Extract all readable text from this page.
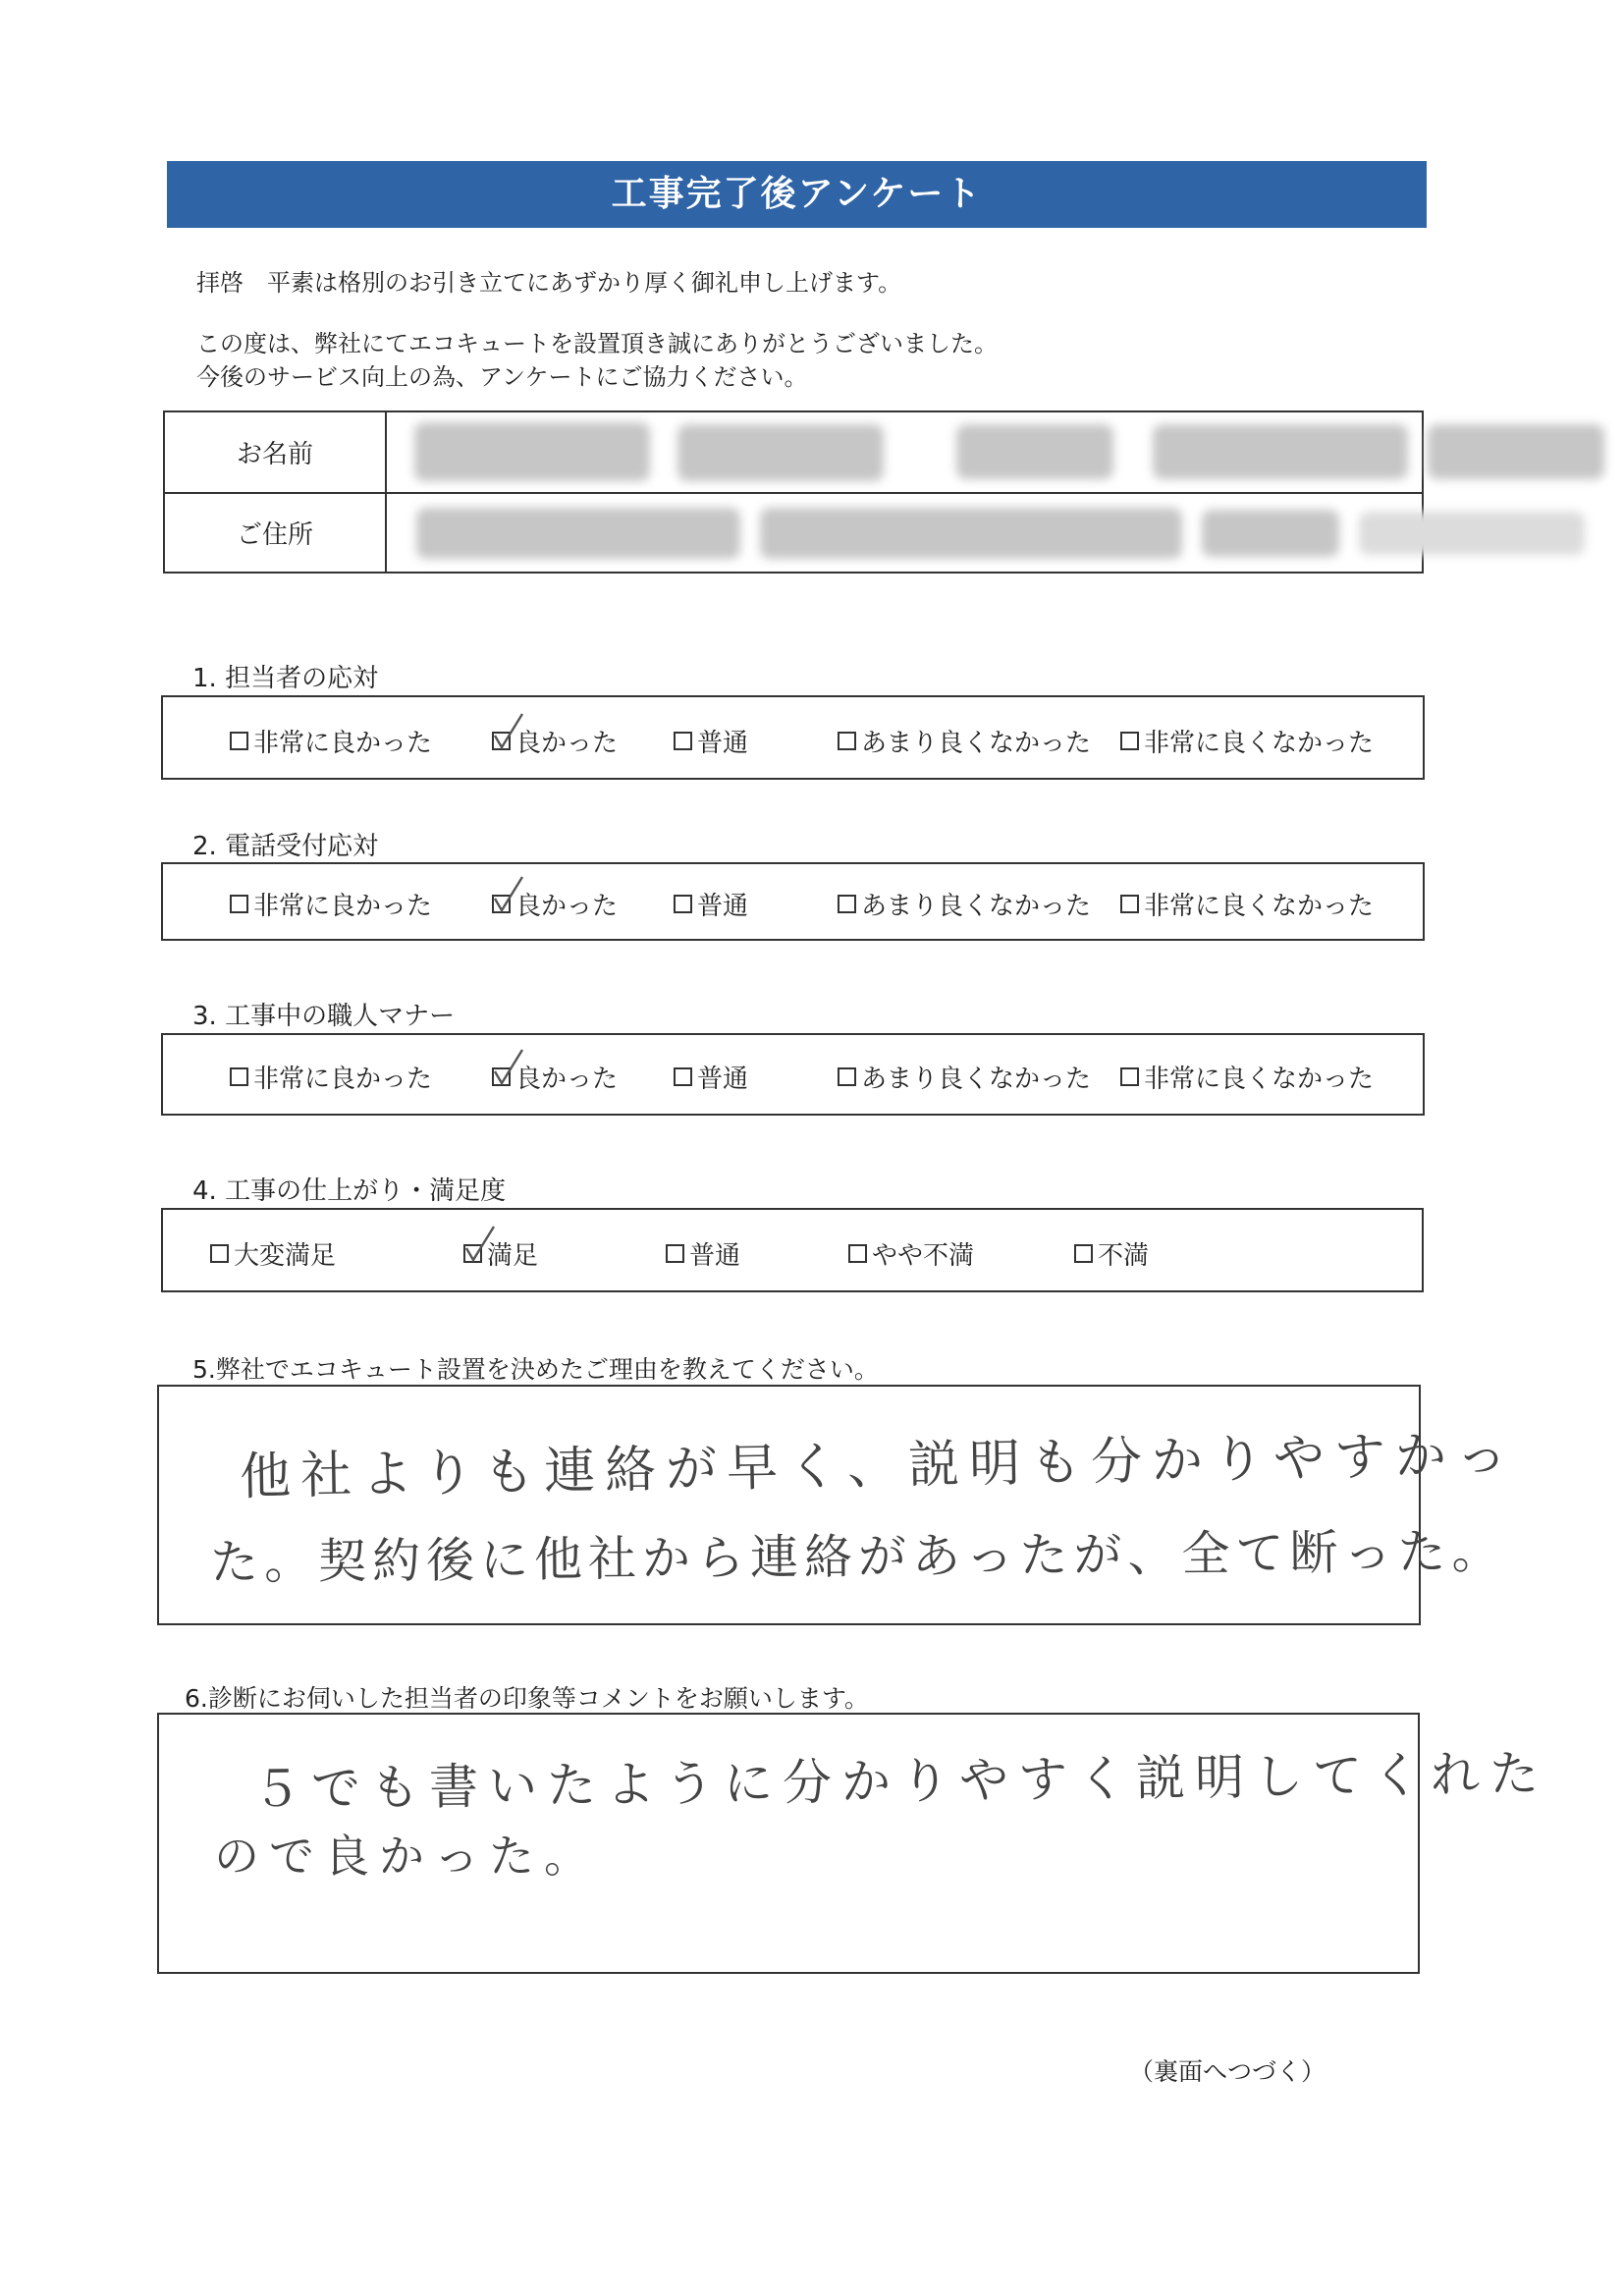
工事完了後アンケート
拝啓　平素は格別のお引き立てにあずかり厚く御礼申し上げます。
この度は、弊社にてエコキュートを設置頂き誠にありがとうございました。
今後のサービス向上の為、アンケートにご協力ください。
お名前
ご住所
1. 担当者の応対
非常に良かった	良かった	普通	あまり良くなかった 非常に良くなかった
2. 電話受付応対
非常に良かった	良かった	普通	あまり良くなかった 非常に良くなかった
3. 工事中の職人マナー
非常に良かった	良かった	普通	あまり良くなかった 非常に良くなかった
4. 工事の仕上がり・満足度
大変満足	満足	普通	やや不満	不満
5.弊社でエコキュート設置を決めたご理由を教えてください。
他社よりも連絡が早く、説明も分かりやすかっ
た。契約後に他社から連絡があったが、全て断った。
6.診断にお伺いした担当者の印象等コメントをお願いします。
５でも書いたように分かりやすく説明してくれた
ので良かった。
（裏面へつづく）
